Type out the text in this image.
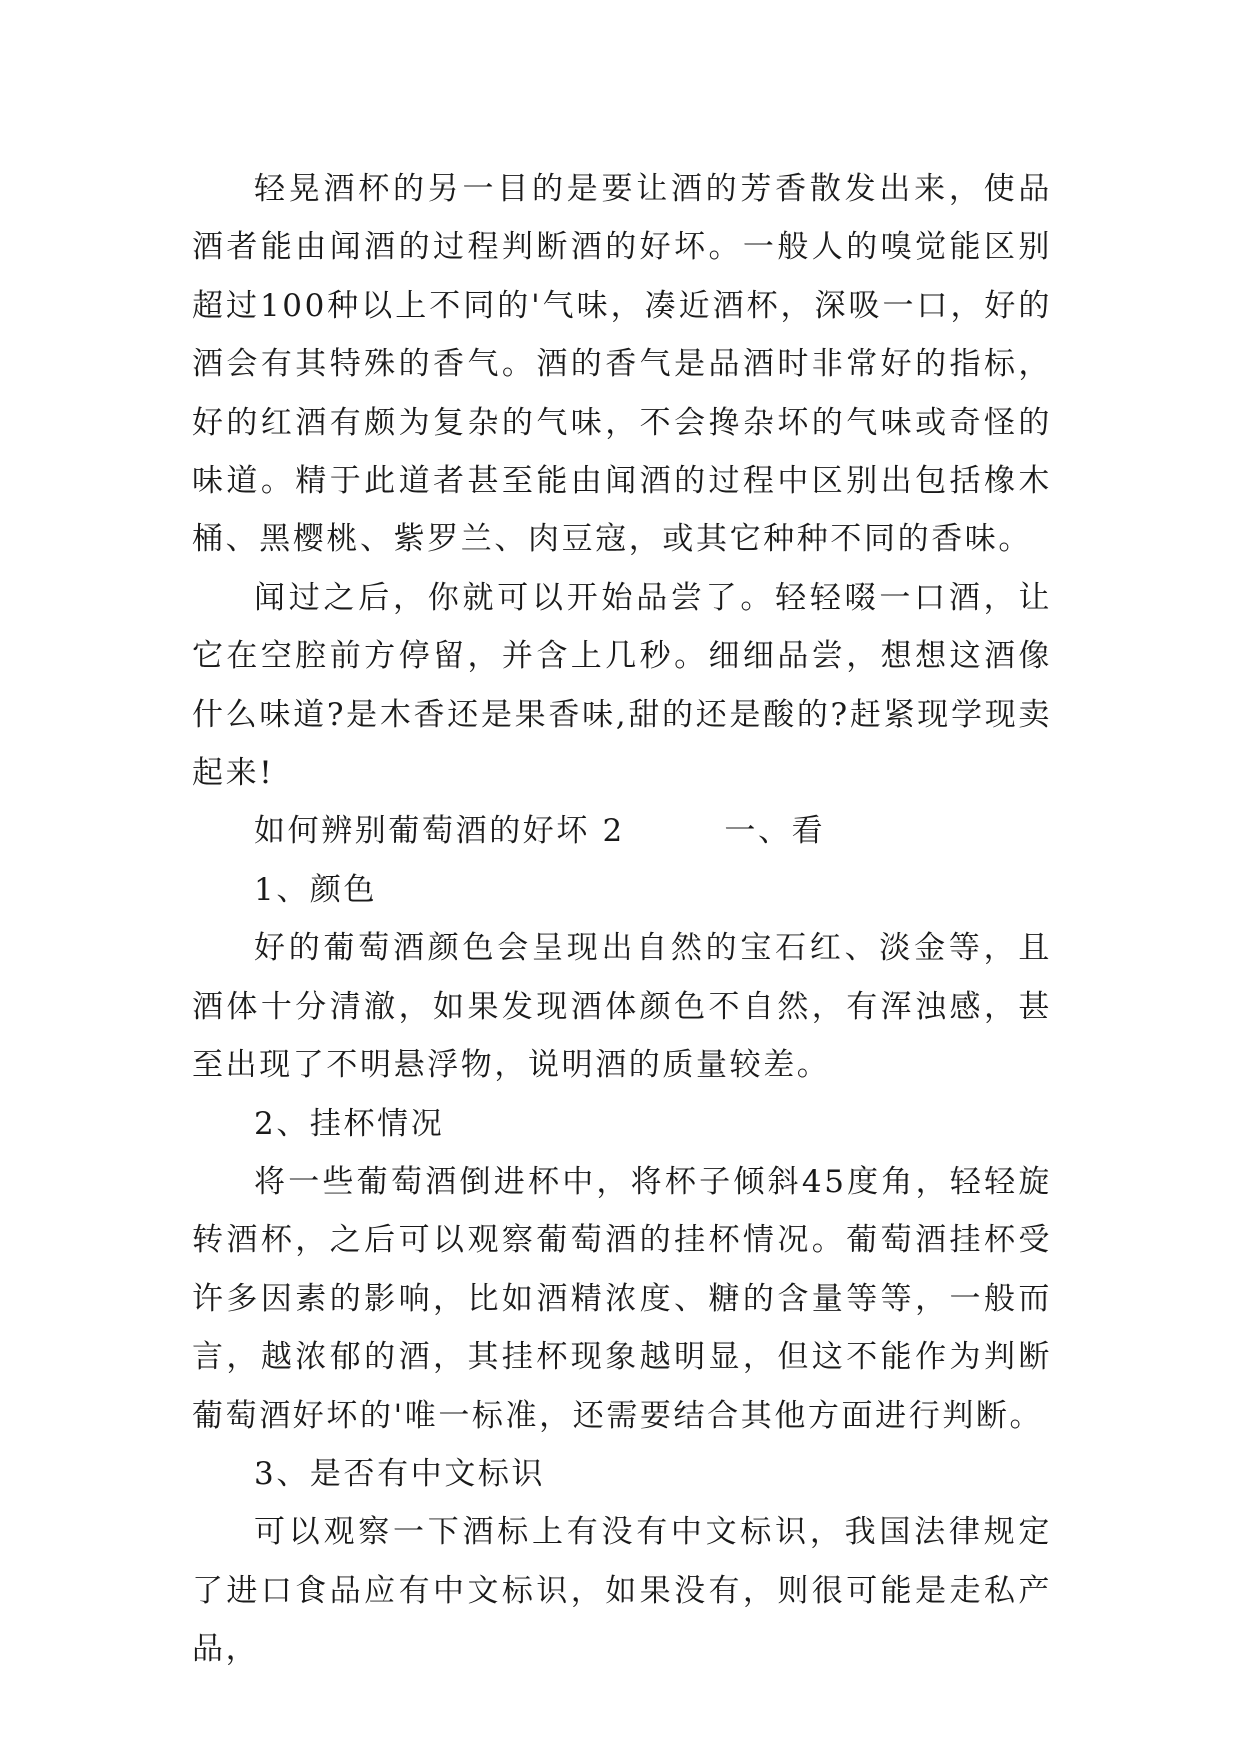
轻晃酒杯的另一目的是要让酒的芳香散发出来，使品酒者能由闻酒的过程判断酒的好坏。一般人的嗅觉能区别超过100种以上不同的'气味，凑近酒杯，深吸一口，好的酒会有其特殊的香气。酒的香气是品酒时非常好的指标，好的红酒有颇为复杂的气味，不会搀杂坏的气味或奇怪的味道。精于此道者甚至能由闻酒的过程中区别出包括橡木桶、黑樱桃、紫罗兰、肉豆寇，或其它种种不同的香味。

闻过之后，你就可以开始品尝了。轻轻啜一口酒，让它在空腔前方停留，并含上几秒。细细品尝，想想这酒像什么味道?是木香还是果香味,甜的还是酸的?赶紧现学现卖起来!

如何辨别葡萄酒的好坏 2        一、看

1、颜色

好的葡萄酒颜色会呈现出自然的宝石红、淡金等，且酒体十分清澈，如果发现酒体颜色不自然，有浑浊感，甚至出现了不明悬浮物，说明酒的质量较差。

2、挂杯情况

将一些葡萄酒倒进杯中，将杯子倾斜45度角，轻轻旋转酒杯，之后可以观察葡萄酒的挂杯情况。葡萄酒挂杯受许多因素的影响，比如酒精浓度、糖的含量等等，一般而言，越浓郁的酒，其挂杯现象越明显，但这不能作为判断葡萄酒好坏的'唯一标准，还需要结合其他方面进行判断。

3、是否有中文标识

可以观察一下酒标上有没有中文标识，我国法律规定了进口食品应有中文标识，如果没有，则很可能是走私产品，
